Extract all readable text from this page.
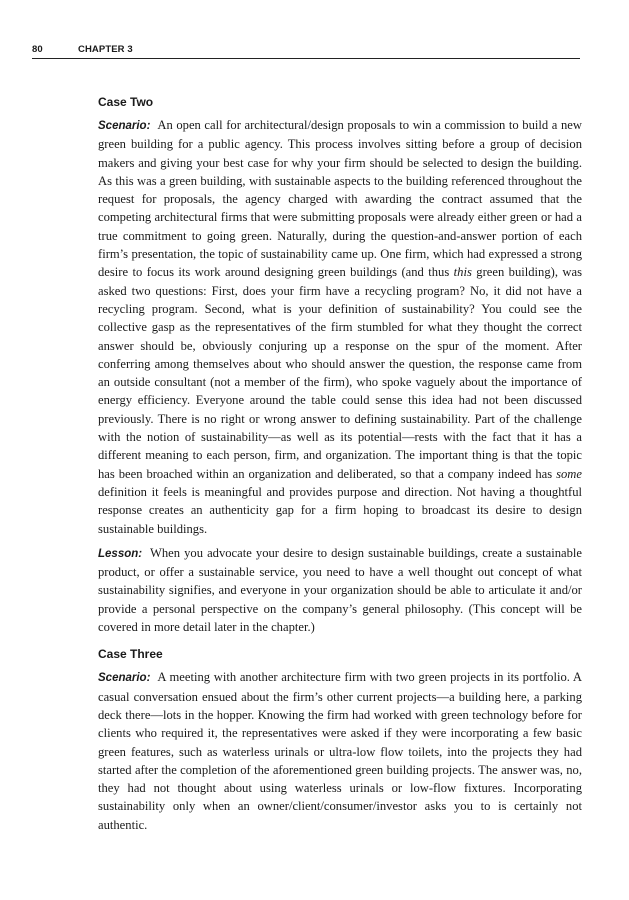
80	CHAPTER 3
Case Two

Scenario: An open call for architectural/design proposals to win a commission to build a new green building for a public agency. This process involves sitting before a group of decision makers and giving your best case for why your firm should be selected to design the building. As this was a green building, with sustainable aspects to the building referenced throughout the request for proposals, the agency charged with awarding the contract assumed that the competing architectural firms that were submitting proposals were already either green or had a true commitment to going green. Naturally, during the question-and-answer portion of each firm’s presentation, the topic of sustainability came up. One firm, which had expressed a strong desire to focus its work around designing green buildings (and thus this green building), was asked two questions: First, does your firm have a recycling program? No, it did not have a recycling program. Second, what is your definition of sustainability? You could see the collective gasp as the representatives of the firm stumbled for what they thought the correct answer should be, obviously conjuring up a response on the spur of the moment. After conferring among themselves about who should answer the question, the response came from an outside consultant (not a member of the firm), who spoke vaguely about the importance of energy efficiency. Everyone around the table could sense this idea had not been discussed previously. There is no right or wrong answer to defining sustainability. Part of the challenge with the notion of sustainability—as well as its potential—rests with the fact that it has a different meaning to each person, firm, and organization. The important thing is that the topic has been broached within an organization and deliberated, so that a company indeed has some definition it feels is meaningful and provides purpose and direction. Not having a thoughtful response creates an authenticity gap for a firm hoping to broadcast its desire to design sustainable buildings.

Lesson: When you advocate your desire to design sustainable buildings, create a sustainable product, or offer a sustainable service, you need to have a well thought out concept of what sustainability signifies, and everyone in your organization should be able to articulate it and/or provide a personal perspective on the company’s general philosophy. (This concept will be covered in more detail later in the chapter.)

Case Three

Scenario: A meeting with another architecture firm with two green projects in its portfolio. A casual conversation ensued about the firm’s other current projects—a building here, a parking deck there—lots in the hopper. Knowing the firm had worked with green technology before for clients who required it, the representatives were asked if they were incorporating a few basic green features, such as waterless urinals or ultra-low flow toilets, into the projects they had started after the completion of the aforementioned green building projects. The answer was, no, they had not thought about using waterless urinals or low-flow fixtures. Incorporating sustainability only when an owner/client/consumer/investor asks you to is certainly not authentic.
